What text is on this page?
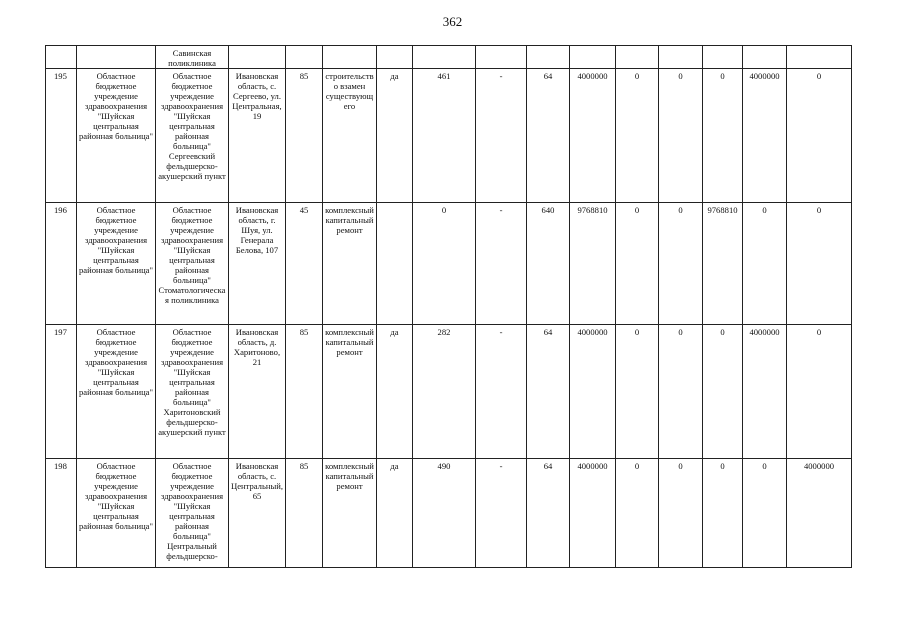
362
		Савинская поликлиника													
195	Областное бюджетное учреждение здравоохранения "Шуйская центральная районная больница"	Областное бюджетное учреждение здравоохранения "Шуйская центральная районная больница" Сергеевский фельдшерско-акушерский пункт	Ивановская область, с. Сергеево, ул. Центральная, 19	85	строительство взамен существующего	да	461	-	64	4000000	0	0	0	4000000	0
196	Областное бюджетное учреждение здравоохранения "Шуйская центральная районная больница"	Областное бюджетное учреждение здравоохранения "Шуйская центральная районная больница" Стоматологическая поликлиника	Ивановская область, г. Шуя, ул. Генерала Белова, 107	45	комплексный капитальный ремонт		0	-	640	9768810	0	0	9768810	0	0
197	Областное бюджетное учреждение здравоохранения "Шуйская центральная районная больница"	Областное бюджетное учреждение здравоохранения "Шуйская центральная районная больница" Харитоновский фельдшерско-акушерский пункт	Ивановская область, д. Харитоново, 21	85	комплексный капитальный ремонт	да	282	-	64	4000000	0	0	0	4000000	0
198	Областное бюджетное учреждение здравоохранения "Шуйская центральная районная больница"	Областное бюджетное учреждение здравоохранения "Шуйская центральная районная больница" Центральный фельдшерско-	Ивановская область, с. Центральный, 65	85	комплексный капитальный ремонт	да	490	-	64	4000000	0	0	0	0	4000000
